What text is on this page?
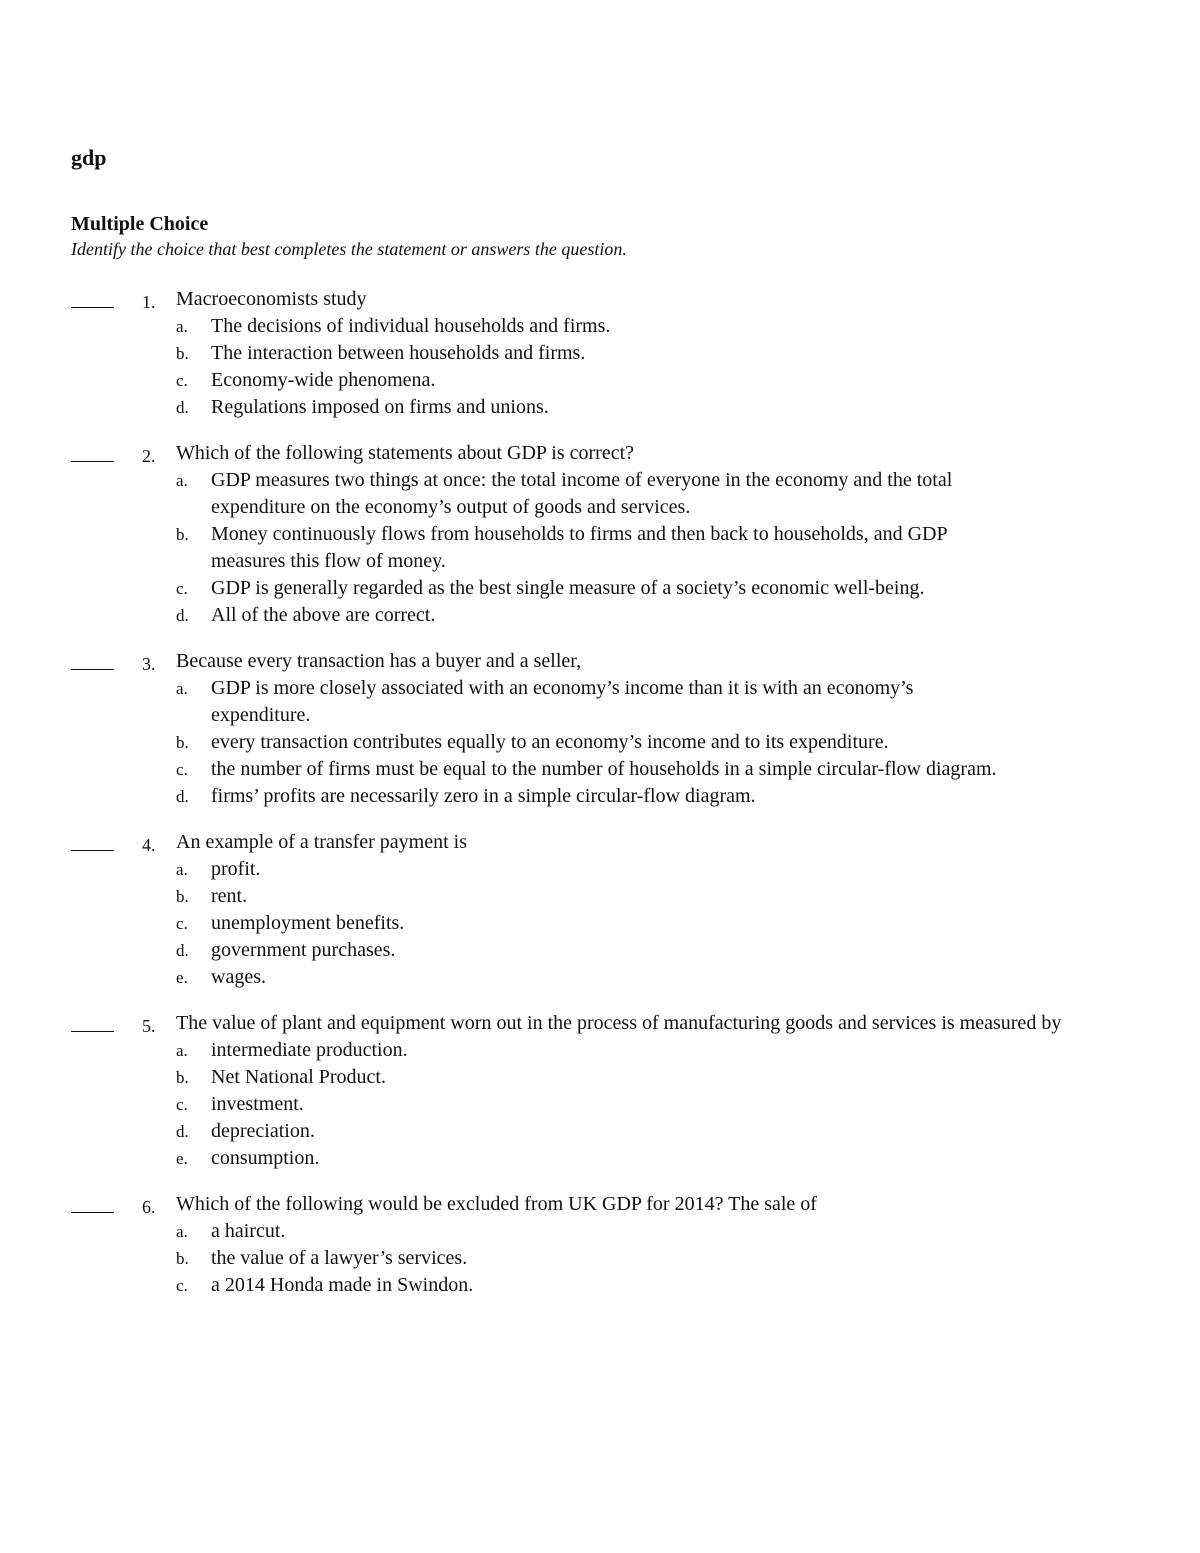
gdp
Multiple Choice

Identify the choice that best completes the statement or answers the question.

1. Macroeconomists study
a. The decisions of individual households and firms.
b. The interaction between households and firms.
c. Economy-wide phenomena.
d. Regulations imposed on firms and unions.
2. Which of the following statements about GDP is correct?
a. GDP measures two things at once: the total income of everyone in the economy and the total expenditure on the economy’s output of goods and services.
b. Money continuously flows from households to firms and then back to households, and GDP measures this flow of money.
c. GDP is generally regarded as the best single measure of a society’s economic well-being.
d. All of the above are correct.
3. Because every transaction has a buyer and a seller,
a. GDP is more closely associated with an economy’s income than it is with an economy’s expenditure.
b. every transaction contributes equally to an economy’s income and to its expenditure.
c. the number of firms must be equal to the number of households in a simple circular-flow diagram.
d. firms’ profits are necessarily zero in a simple circular-flow diagram.
4. An example of a transfer payment is
a. profit.
b. rent.
c. unemployment benefits.
d. government purchases.
e. wages.
5. The value of plant and equipment worn out in the process of manufacturing goods and services is measured by
a. intermediate production.
b. Net National Product.
c. investment.
d. depreciation.
e. consumption.
6. Which of the following would be excluded from UK GDP for 2014? The sale of
a. a haircut.
b. the value of a lawyer’s services.
c. a 2014 Honda made in Swindon.
